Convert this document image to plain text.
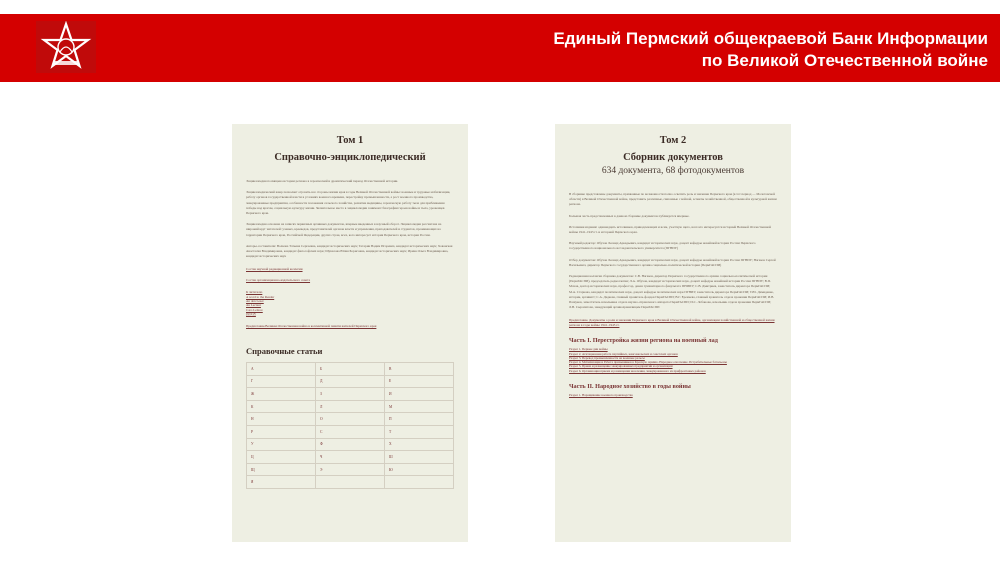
Единый Пермский общекраевой Банк Информации
по Великой Отечественной войне
Том 1
Справочно-энциклопедический
Энциклопедия посвящена истории региона в героический и драматический период Отечественной истории.
Энциклопедический жанр позволяет отразить все стороны жизни края в годы Великой Отечественной войны: военные и трудовые мобилизации, работу органов государственной власти в условиях военного времени, перестройку промышленности, а рост военного производства, эвакуированные предприятия, особенности положения сельского хозяйства, развитие медицины, героическую работу тыла для приближения победы над врагом, социальную культуру жизни. Значительное место в энциклопедии занимают биографии героев войны и тыла, уроженцев Пермского края.
Энциклопедия основана на записях первичных архивных документов, впервые введенных в научный оборот. Энциклопедия рассчитана на широкий круг читателей: ученых, краеведов, представителей органов власти и управления, преподавателей и студентов, проживающих на территории Пермского края, Российской Федерации, других стран, всех, кого интересует история Пермского края, история России.
Авторы-составители: Волкова Татьяна Сергеевна, кандидат исторических наук; Тетерин Вадим Игоревич, кандидат исторических наук; Хованская Анастасия Владимировна, кандидат философских наук; Шувалова Юлия Борисовна, кандидат исторических наук; Ирина Ольга Владимировна, кандидат исторических наук
Состав научной редакционной коллегии
Состав организационно-издательского совета
К читателю
A word to the Reader
An den Leser
Au Lecteur
Caro Lettore
致读者
Предисловие.Великая Отечественная война в коллективной памяти жителей Пермского края
Справочные статьи
А	Б	В
Г	Д	Е
Ж	З	И
К	Л	М
Н	О	П
Р	С	Т
У	Ф	Х
Ц	Ч	Ш
Щ	Э	Ю
Я		
Том 2
Сборник документов
634 документа, 68 фотодокументов
В сборнике представлены документы, призванные по возможности полно осветить роль и значение Пермского края (в тот период — Молотовской области) в Великой Отечественной войне, представить различные, связанные с войной, аспекты хозяйственной, общественной и культурной жизни региона.
Большая часть представленных в данном сборнике документов публикуется впервые.
Источники издания: одиннадцать источников, принадлежащих и всем, участвую щего, всех кто интересуется историей Великой Отечественной войны 1941–1945 гг. и историей Пермского края.
Научный редактор: Обухов Леонид Аркадьевич, кандидат исторических наук, доцент кафедры новейшей истории России Пермского государственного национального исследовательского университета (ПГНИУ)
Отбор документов: Обухов Леонид Аркадьевич, кандидат исторических наук, доцент кафедры новейшей истории России ПГНИУ; Нагаков Сергей Васильевич, директор Пермского государственного архива социально-политической истории (ПермГАСПИ)
Редакционная коллегия сборника документов: С.В. Нагаков, директор Пермского государственного архива социально-политической истории (ПермГАСПИ), председатель редколлегии; Л.А. Обухов, кандидат исторических наук, доцент кафедры новейшей истории России ПГНИУ; В.П. Мохов, доктор исторических наук, профессор, декан гуманитарного факультета ПНИПУ; С.В. Дмитриев, заместитель директора ПермГАСПИ; М.А. Старкова, кандидат политических наук, доцент кафедры политических наук ПГНИУ, заместитель директора ПермГАСПИ; Т.Ю. Демиденко, историк, архивист; С.А. Дедкова, главный хранитель фондов ПермГАСПИ; В.Г. Еремеева, главный хранитель отдела хранения ПермГАСПИ; И.В. Пашуков, заместитель начальника отдела научно-справочного аппарата ПермГАСПИ; И.С. Лобанова, начальник отдела хранения ПермГАСПИ; Л.В. Сыропятова, заведующий архивохранилищем ПермГАСПИ
Предисловие. Документы о роли и значении Пермского края в Великой Отечественной войне, организации хозяйственной и общественной жизни региона в годы войны 1941–1945 гг.
Часть I. Перестройка жизни региона на военный лад
Раздел 1. Первые дни войны
Раздел 2. Агитационная работа партийных, комсомольских и советских органов
Раздел 3. Перевод промышленности на военные рельсы
Раздел 4. Мобилизация и Работа призывников в Красную Армию. Народное ополчение. Истребительные батальоны
Раздел 5. Прием и размещение эвакуированных предприятий и организаций
Раздел 6. Организация приема и размещения населения, эвакуированного из прифронтовых районов
Часть II. Народное хозяйство в годы войны
Раздел 1. Наращивание военного производства
